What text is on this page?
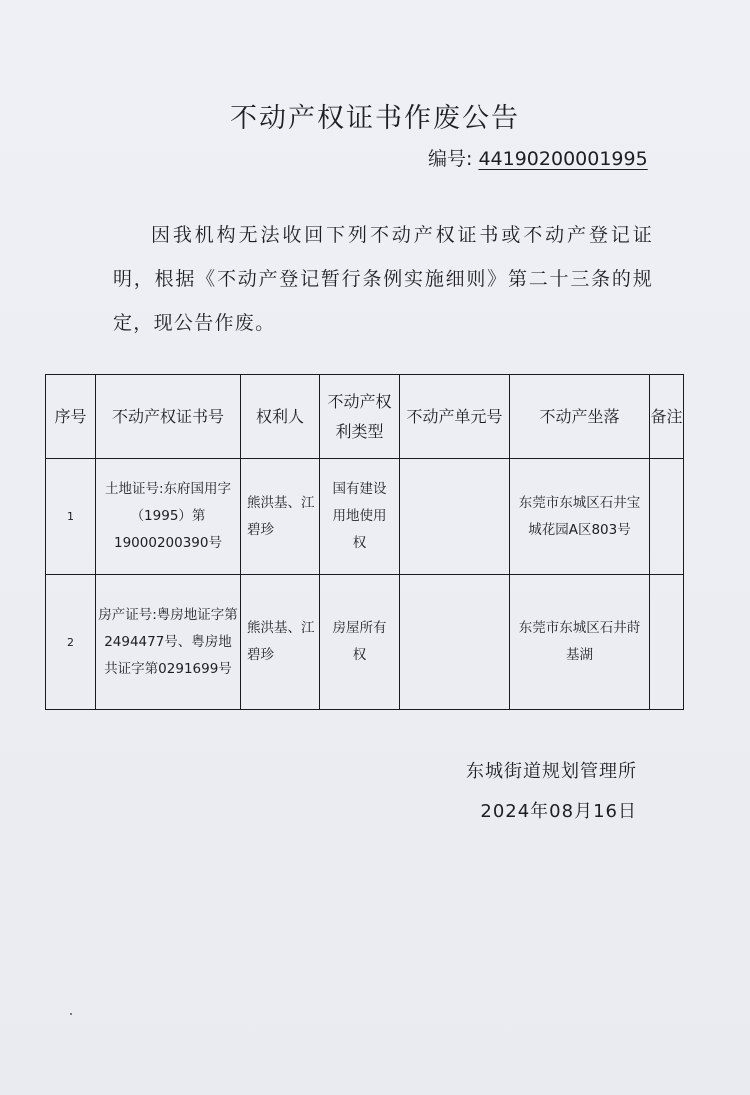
不动产权证书作废公告
编号: 44190200001995
因我机构无法收回下列不动产权证书或不动产登记证明，根据《不动产登记暂行条例实施细则》第二十三条的规定，现公告作废。
序号	不动产权证书号	权利人	不动产权利类型	不动产单元号	不动产坐落	备注
1	土地证号:东府国用字（1995）第19000200390号	熊洪基、江碧珍	国有建设用地使用权		东莞市东城区石井宝城花园A区803号	
2	房产证号:粤房地证字第2494477号、粤房地共证字第0291699号	熊洪基、江碧珍	房屋所有权		东莞市东城区石井莳基湖	
东城街道规划管理所
2024年08月16日
